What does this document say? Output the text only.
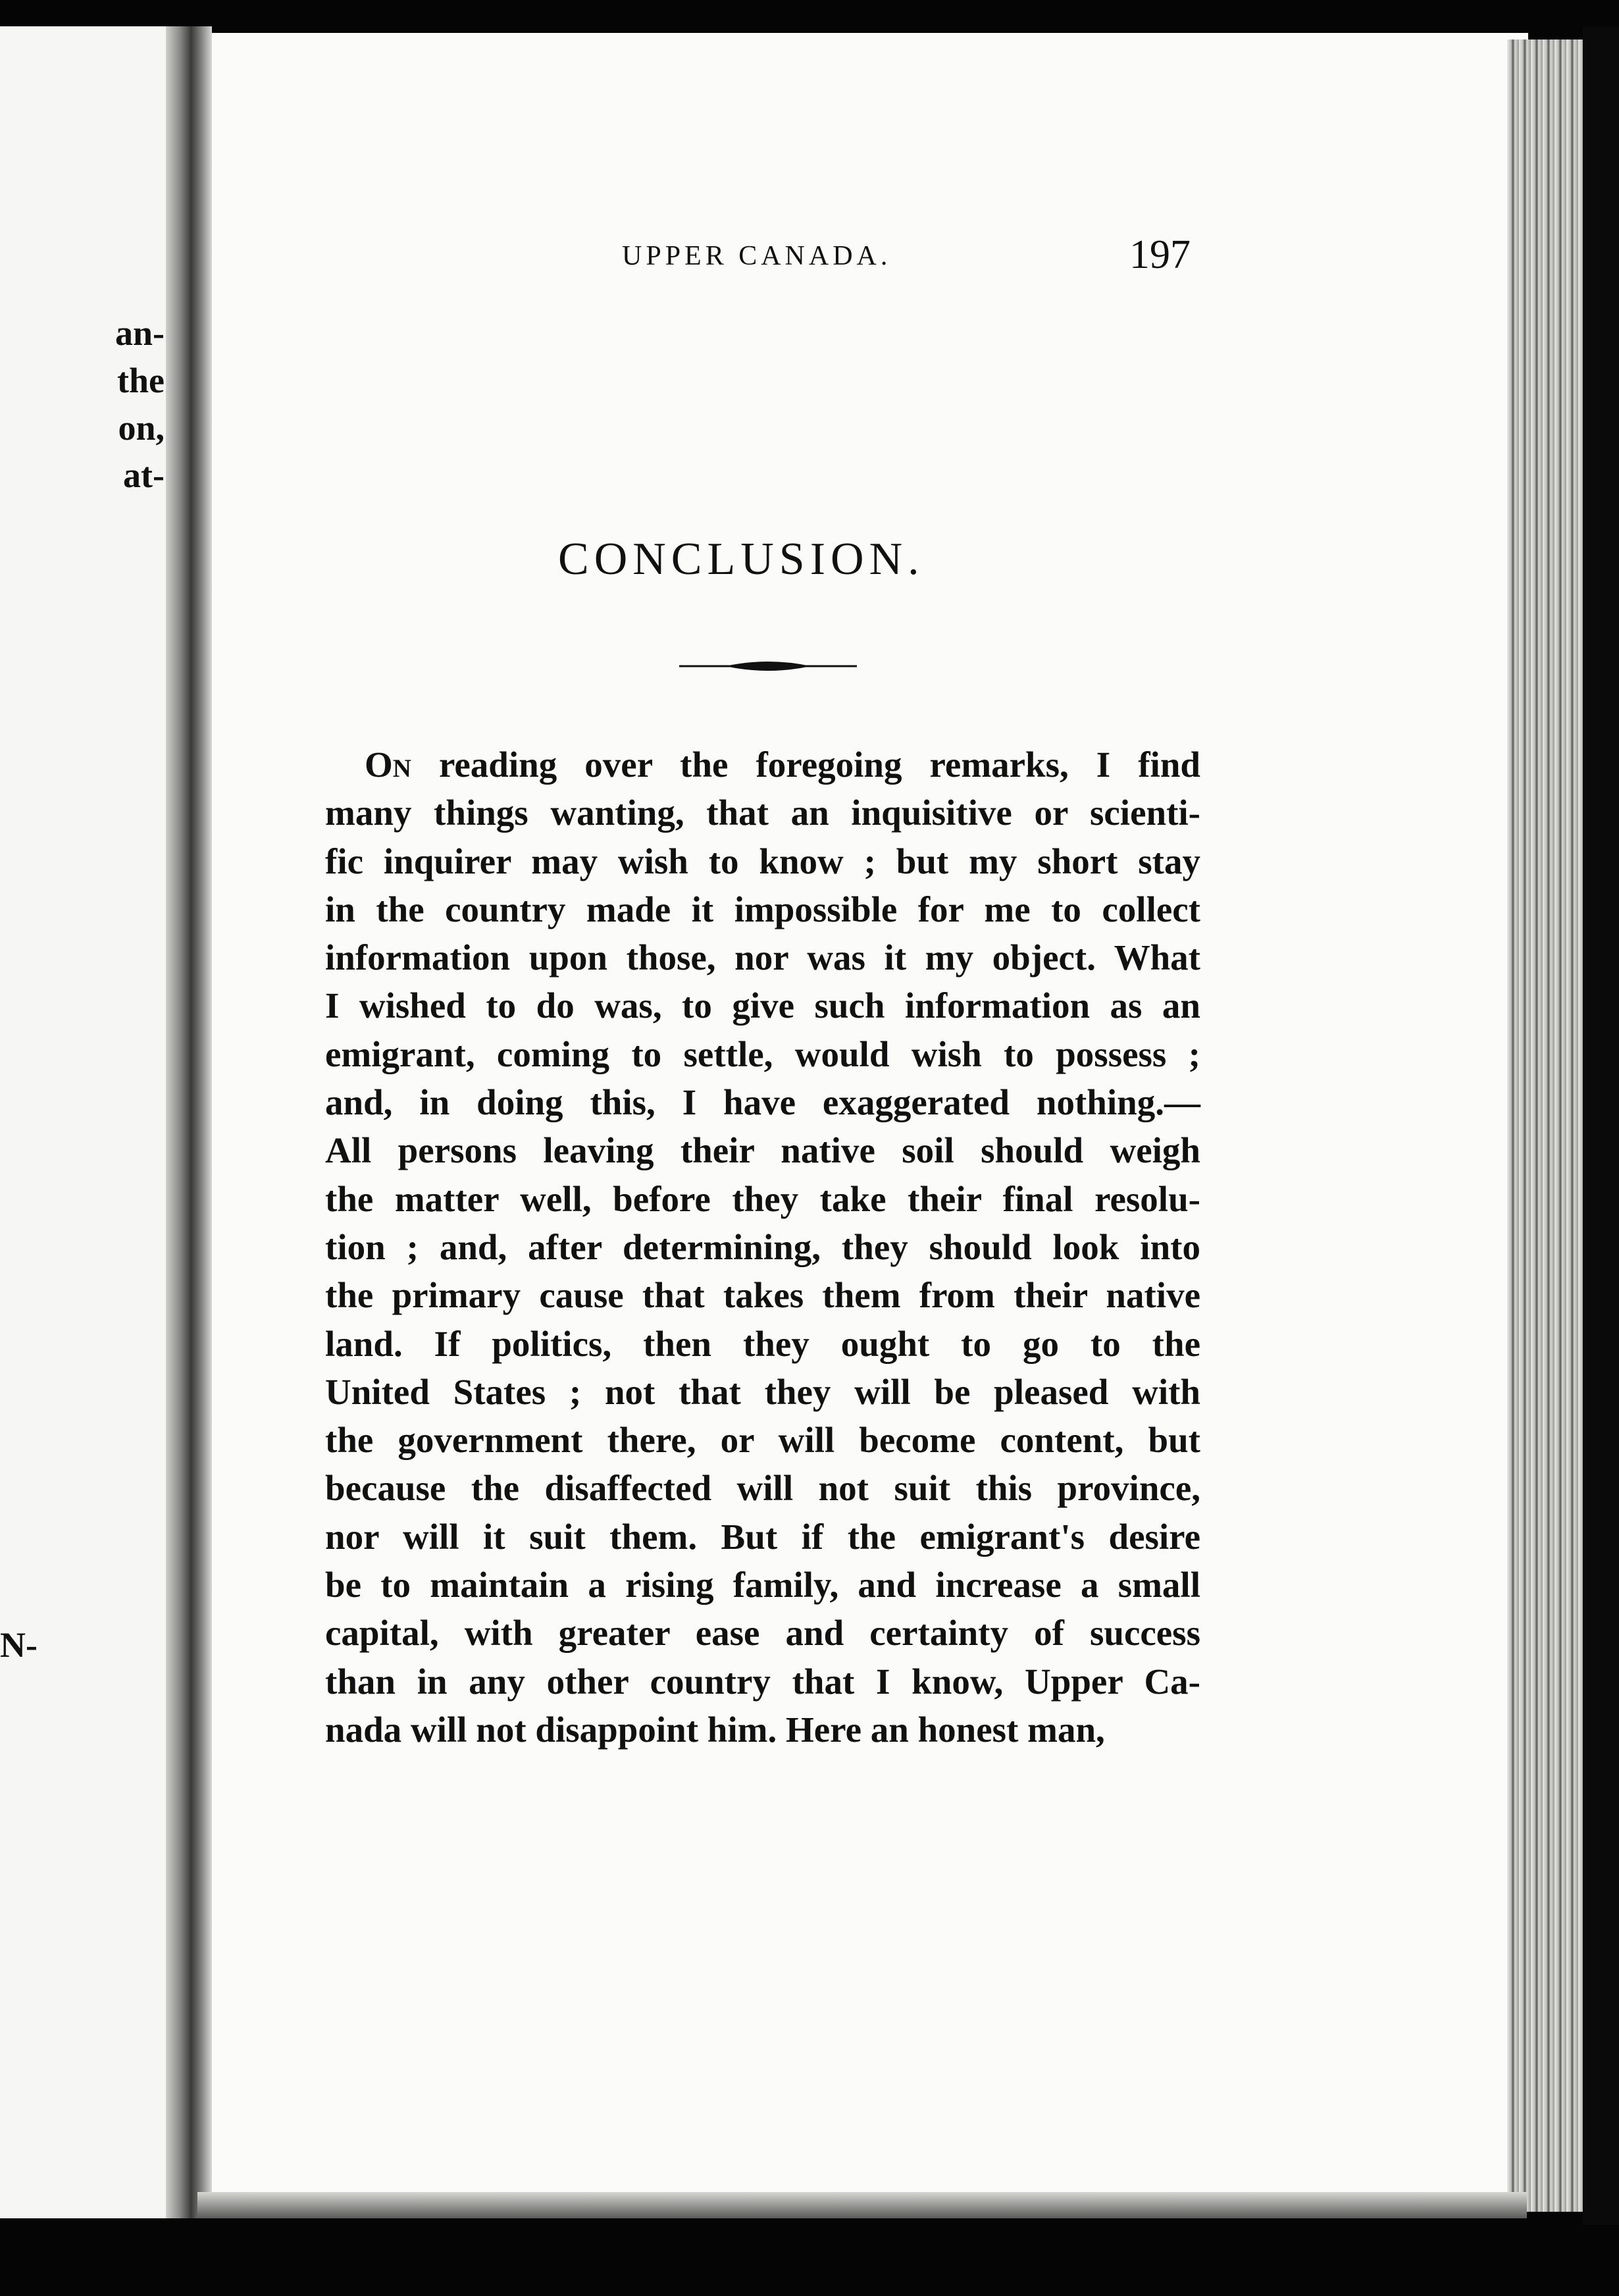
an-
the
on,
at-
N-
UPPER CANADA.	197
CONCLUSION.
On reading over the foregoing remarks, I find
many things wanting, that an inquisitive or scienti-
fic inquirer may wish to know ; but my short stay
in the country made it impossible for me to collect
information upon those, nor was it my object. What
I wished to do was, to give such information as an
emigrant, coming to settle, would wish to possess ;
and, in doing this, I have exaggerated nothing.—
All persons leaving their native soil should weigh
the matter well, before they take their final resolu-
tion ; and, after determining, they should look into
the primary cause that takes them from their native
land. If politics, then they ought to go to the
United States ; not that they will be pleased with
the government there, or will become content, but
because the disaffected will not suit this province,
nor will it suit them. But if the emigrant's desire
be to maintain a rising family, and increase a small
capital, with greater ease and certainty of success
than in any other country that I know, Upper Ca-
nada will not disappoint him. Here an honest man,
